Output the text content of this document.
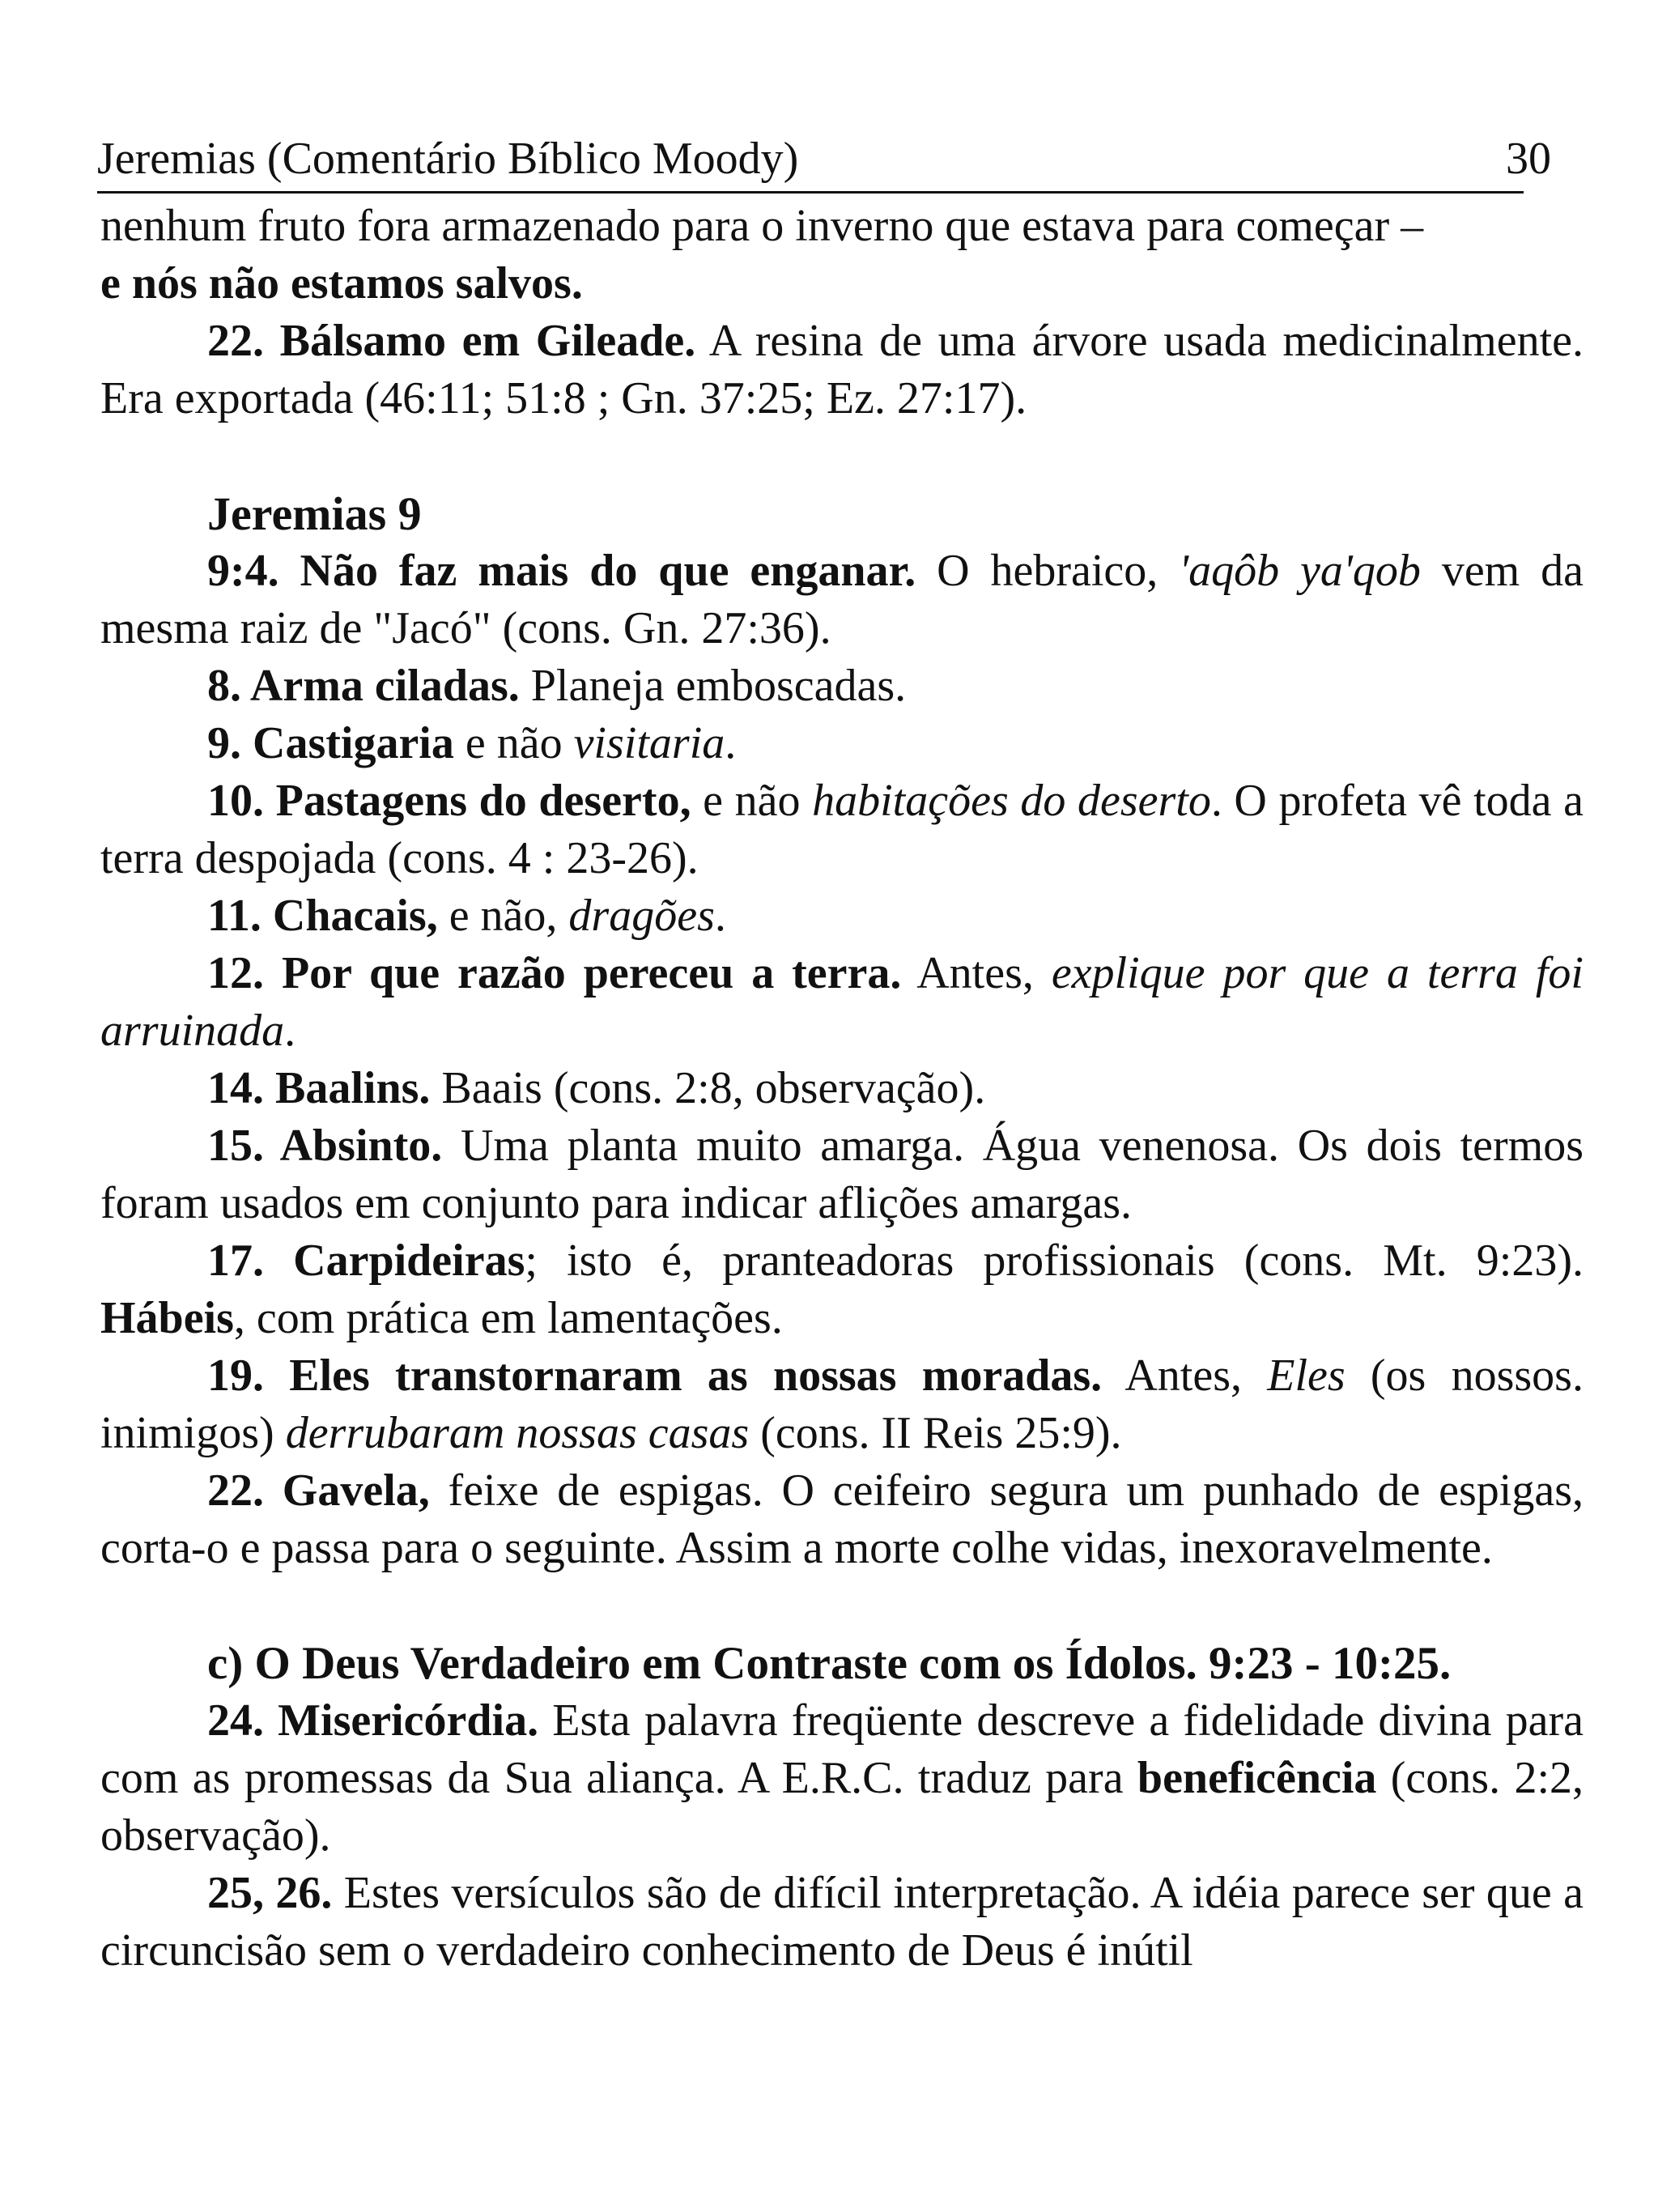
Jeremias (Comentário Bíblico Moody)	30

nenhum fruto fora armazenado para o inverno que estava para começar –
e nós não estamos salvos.

22. Bálsamo em Gileade. A resina de uma árvore usada medicinalmente. Era exportada (46:11; 51:8 ; Gn. 37:25; Ez. 27:17).

Jeremias 9

9:4. Não faz mais do que enganar. O hebraico, 'aqôb ya'qob vem da mesma raiz de "Jacó" (cons. Gn. 27:36).

8. Arma ciladas. Planeja emboscadas.

9. Castigaria e não visitaria.

10. Pastagens do deserto, e não habitações do deserto. O profeta vê toda a terra despojada (cons. 4 : 23-26).

11. Chacais, e não, dragões.

12. Por que razão pereceu a terra. Antes, explique por que a terra foi arruinada.

14. Baalins. Baais (cons. 2:8, observação).

15. Absinto. Uma planta muito amarga. Água venenosa. Os dois termos foram usados em conjunto para indicar aflições amargas.

17. Carpideiras; isto é, pranteadoras profissionais (cons. Mt. 9:23). Hábeis, com prática em lamentações.

19. Eles transtornaram as nossas moradas. Antes, Eles (os nossos. inimigos) derrubaram nossas casas (cons. II Reis 25:9).

22. Gavela, feixe de espigas. O ceifeiro segura um punhado de espigas, corta-o e passa para o seguinte. Assim a morte colhe vidas, inexoravelmente.

c) O Deus Verdadeiro em Contraste com os Ídolos. 9:23 - 10:25.

24. Misericórdia. Esta palavra freqüente descreve a fidelidade divina para com as promessas da Sua aliança. A E.R.C. traduz para beneficência (cons. 2:2, observação).

25, 26. Estes versículos são de difícil interpretação. A idéia parece ser que a circuncisão sem o verdadeiro conhecimento de Deus é inútil
